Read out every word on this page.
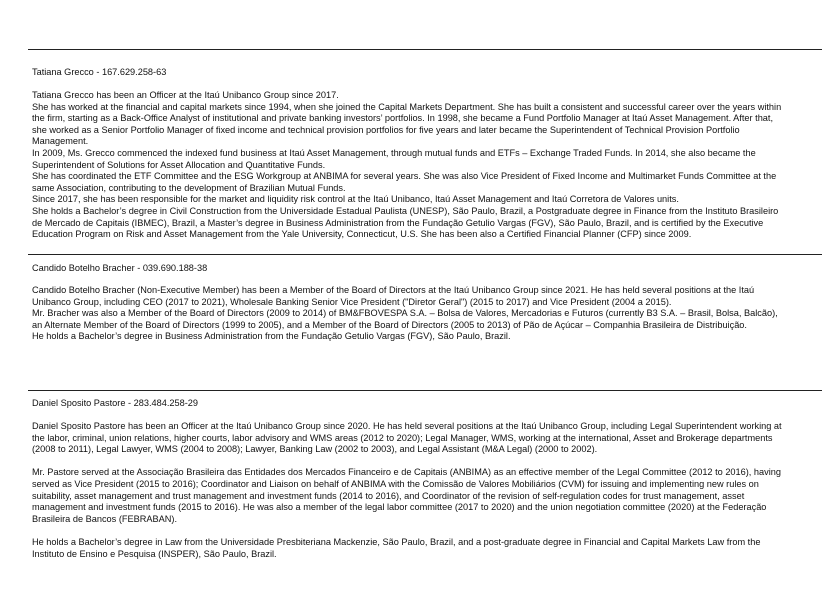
Tatiana Grecco - 167.629.258-63

Tatiana Grecco has been an Officer at the Itaú Unibanco Group since 2017.

She has worked at the financial and capital markets since 1994, when she joined the Capital Markets Department. She has built a consistent and successful career over the years within the firm, starting as a Back-Office Analyst of institutional and private banking investors’ portfolios. In 1998, she became a Fund Portfolio Manager at Itaú Asset Management. After that, she worked as a Senior Portfolio Manager of fixed income and technical provision portfolios for five years and later became the Superintendent of Technical Provision Portfolio Management.

In 2009, Ms. Grecco commenced the indexed fund business at Itaú Asset Management, through mutual funds and ETFs – Exchange Traded Funds. In 2014, she also became the Superintendent of Solutions for Asset Allocation and Quantitative Funds.

She has coordinated the ETF Committee and the ESG Workgroup at ANBIMA for several years. She was also Vice President of Fixed Income and Multimarket Funds Committee at the same Association, contributing to the development of Brazilian Mutual Funds.

Since 2017, she has been responsible for the market and liquidity risk control at the Itaú Unibanco, Itaú Asset Management and Itaú Corretora de Valores units.

She holds a Bachelor’s degree in Civil Construction from the Universidade Estadual Paulista (UNESP), São Paulo, Brazil, a Postgraduate degree in Finance from the Instituto Brasileiro de Mercado de Capitais (IBMEC), Brazil, a Master’s degree in Business Administration from the Fundação Getulio Vargas (FGV), São Paulo, Brazil, and is certified by the Executive Education Program on Risk and Asset Management from the Yale University, Connecticut, U.S. She has been also a Certified Financial Planner (CFP) since 2009.

Candido Botelho Bracher - 039.690.188-38

Candido Botelho Bracher (Non-Executive Member) has been a Member of the Board of Directors at the Itaú Unibanco Group since 2021. He has held several positions at the Itaú Unibanco Group, including CEO (2017 to 2021), Wholesale Banking Senior Vice President ("Diretor Geral") (2015 to 2017) and Vice President (2004 a 2015).

Mr. Bracher was also a Member of the Board of Directors (2009 to 2014) of BM&FBOVESPA S.A. – Bolsa de Valores, Mercadorias e Futuros (currently B3 S.A. – Brasil, Bolsa, Balcão), an Alternate Member of the Board of Directors (1999 to 2005), and a Member of the Board of Directors (2005 to 2013) of Pão de Açúcar – Companhia Brasileira de Distribuição.

He holds a Bachelor’s degree in Business Administration from the Fundação Getulio Vargas (FGV), São Paulo, Brazil.

Daniel Sposito Pastore - 283.484.258-29

Daniel Sposito Pastore has been an Officer at the Itaú Unibanco Group since 2020. He has held several positions at the Itaú Unibanco Group, including Legal Superintendent working at the labor, criminal, union relations, higher courts, labor advisory and WMS areas (2012 to 2020); Legal Manager, WMS, working at the international, Asset and Brokerage departments (2008 to 2011), Legal Lawyer, WMS (2004 to 2008); Lawyer, Banking Law (2002 to 2003), and Legal Assistant (M&A Legal) (2000 to 2002).

Mr. Pastore served at the Associação Brasileira das Entidades dos Mercados Financeiro e de Capitais (ANBIMA) as an effective member of the Legal Committee (2012 to 2016), having served as Vice President (2015 to 2016); Coordinator and Liaison on behalf of ANBIMA with the Comissão de Valores Mobiliários (CVM) for issuing and implementing new rules on suitability, asset management and trust management and investment funds (2014 to 2016), and Coordinator of the revision of self-regulation codes for trust management, asset management and investment funds (2015 to 2016). He was also a member of the legal labor committee (2017 to 2020) and the union negotiation committee (2020) at the Federação Brasileira de Bancos (FEBRABAN).

He holds a Bachelor’s degree in Law from the Universidade Presbiteriana Mackenzie, São Paulo, Brazil, and a post-graduate degree in Financial and Capital Markets Law from the Instituto de Ensino e Pesquisa (INSPER), São Paulo, Brazil.
